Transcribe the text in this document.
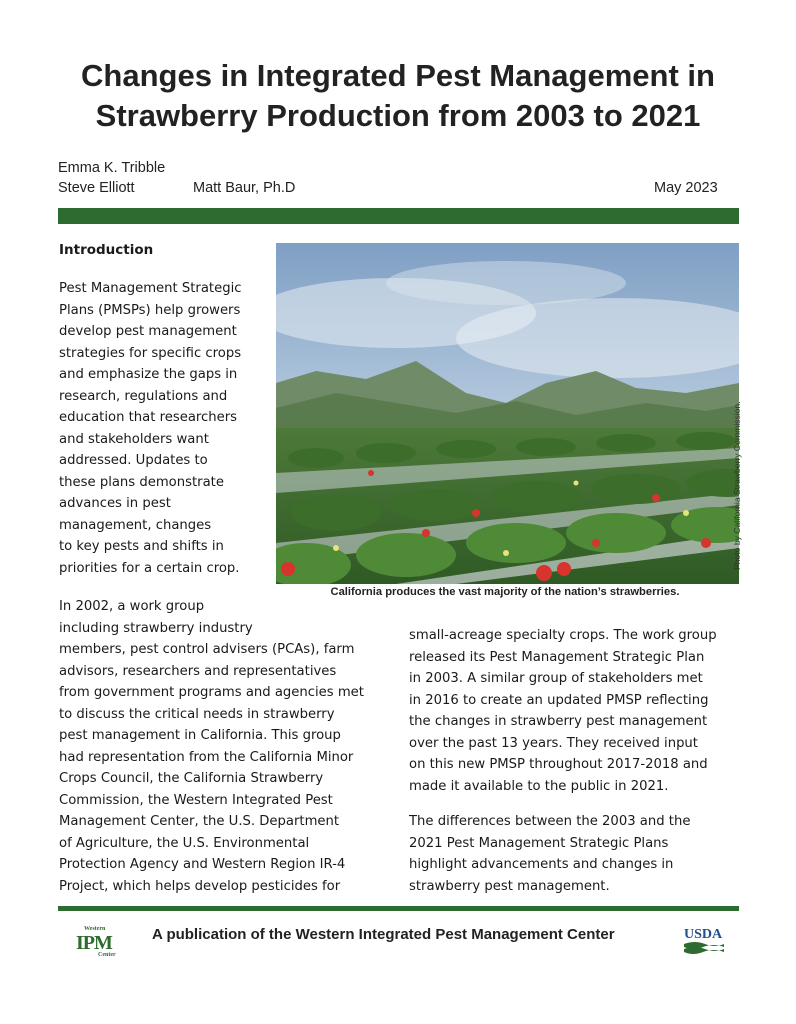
Changes in Integrated Pest Management in
Strawberry Production from 2003 to 2021
Emma K. Tribble
Steve Elliott	Matt Baur, Ph.D	May 2023
Introduction
Pest Management Strategic
Plans (PMSPs) help growers
develop pest management
strategies for specific crops
and emphasize the gaps in
research, regulations and
education that researchers
and stakeholders want
addressed. Updates to
these plans demonstrate
advances in pest
management, changes
to key pests and shifts in
priorities for a certain crop.	Photo by California Strawberry Commission.
California produces the vast majority of the nation’s strawberries.
In 2002, a work group
including strawberry industry
members, pest control advisers (PCAs), farm
advisors, researchers and representatives
from government programs and agencies met
to discuss the critical needs in strawberry
pest management in California. This group
had representation from the California Minor
Crops Council, the California Strawberry
Commission, the Western Integrated Pest
Management Center, the U.S. Department
of Agriculture, the U.S. Environmental
Protection Agency and Western Region IR-4
Project, which helps develop pesticides for
small-acreage specialty crops. The work group
released its Pest Management Strategic Plan
in 2003. A similar group of stakeholders met
in 2016 to create an updated PMSP reflecting
the changes in strawberry pest management
over the past 13 years. They received input
on this new PMSP throughout 2017-2018 and
made it available to the public in 2021.
The differences between the 2003 and the
2021 Pest Management Strategic Plans
highlight advancements and changes in
strawberry pest management.
Western
IPM
Center
A publication of the Western Integrated Pest Management Center	USDA
